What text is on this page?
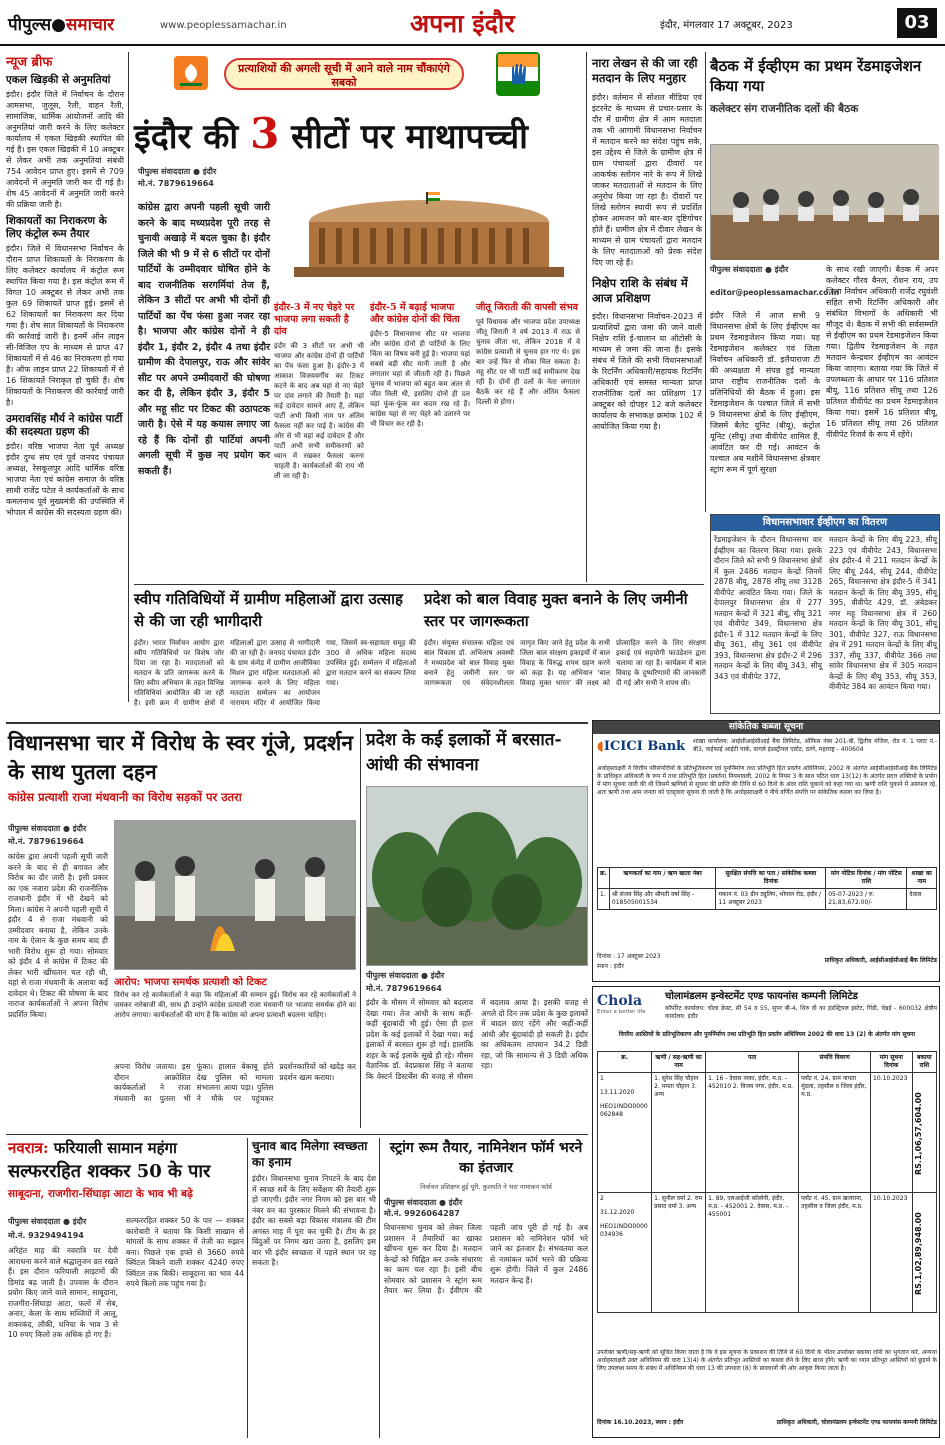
पीपुल्स●समाचार	www.peoplessamachar.in	अपना इंदौर	इंदौर, मंगलवार 17 अक्टूबर, 2023	03
न्यूज ब्रीफ
एकल खिड़की से अनुमतियां
इंदौर। इंदौर जिले में निर्वाचन के दौरान आमसभा, जुलूस, रैली, वाहन रैली, सामाजिक, धार्मिक आयोजनों आदि की अनुमतियां जारी करने के लिए कलेक्टर कार्यालय में एकल खिड़की स्थापित की गई है। इस एकल खिड़की में 10 अक्टूबर से लेकर अभी तक अनुमतियां संबंधी 754 आवेदन प्राप्त हुए। इसमें से 709 आवेदनों में अनुमति जारी कर दी गई है। शेष 45 आवेदनों में अनुमति जारी करने की प्रक्रिया जारी है।
शिकायतों का निराकरण के लिए कंट्रोल रूम तैयार
इंदौर। जिले में विधानसभा निर्वाचन के दौरान प्राप्त शिकायतों के निराकरण के लिए कलेक्टर कार्यालय में कंट्रोल रूम स्थापित किया गया है। इस कंट्रोल रूम में विगत 10 अक्टूबर से लेकर अभी तक कुल 69 शिकायतें प्राप्त हुई। इसमें से 62 शिकायतों का निराकरण कर दिया गया है। शेष सात शिकायतों के निराकरण की कार्रवाई जारी है। इनमें ऑन लाइन सी-विजिल एप के माध्यम से प्राप्त 47 शिकायतों में से 46 का निराकरण हो गया है। ऑफ लाइन प्राप्त 22 शिकायतों में से 16 शिकायतें निराकृत हो चुकी हैं। शेष शिकायतों के निराकरण की कार्रवाई जारी है।
उमरावसिंह मौर्य ने कांग्रेस पार्टी की सदस्यता ग्रहण की
इंदौर। वरिष्ठ भाजपा नेता पूर्व अध्यक्ष इंदौर दुग्ध संघ एवं पूर्व जनपद पंचायत अध्यक्ष, रेसकूलपुर आदि धार्मिक वरिष्ठ भाजपा नेता एवं कांग्रेस समाज के वरिष्ठ साथी राजेंद्र पटेल ने कार्यकर्ताओं के साथ कमलनाथ पूर्व मुख्यमंत्री की उपस्थिति में भोपाल में कांग्रेस की सदस्यता ग्रहण की।
प्रत्याशियों की अगली सूची में आने वाले नाम चौंकाएंगे सबको
इंदौर की 3 सीटों पर माथापच्ची
पीपुल्स संवाददाता ● इंदौर
मो.नं. 7879619664
कांग्रेस द्वारा अपनी पहली सूची जारी करने के बाद मध्यप्रदेश पूरी तरह से चुनावी अखाड़े में बदल चुका है। इंदौर जिले की भी 9 में से 6 सीटों पर दोनों पार्टियों के उम्मीदवार घोषित होने के बाद राजनीतिक सरगर्मियां तेज हैं, लेकिन 3 सीटों पर अभी भी दोनों ही पार्टियों का पेंच फंसा हुआ नजर रहा है। भाजपा और कांग्रेस दोनों ने ही इंदौर 1, इंदौर 2, इंदौर 4 तथा इंदौर ग्रामीण की देपालपुर, राऊ और सांवेर सीट पर अपने उम्मीदवारों की घोषणा कर दी है, लेकिन इंदौर 3, इंदौर 5 और महू सीट पर टिकट की उठापटक जारी है। ऐसे में यह कयास लगाए जा रहे हैं कि दोनों ही पार्टियां अपनी अगली सूची में कुछ नए प्रयोग कर सकती हैं।
इंदौर-3 में नए चेहरे पर भाजपा लगा सकती है दांव
इंदौर की 3 सीटों पर अभी भी भाजपा और कांग्रेस दोनों ही पार्टियों का पेंच फंसा हुआ है। इंदौर-3 में आकाश विजयवर्गीय का टिकट कटने के बाद अब यहां से नए चेहरे पर दांव लगाने की तैयारी है। यहां कई दावेदार सामने आए हैं, लेकिन पार्टी अभी किसी नाम पर अंतिम फैसला नहीं कर पाई है। कांग्रेस की ओर से भी यहां कई दावेदार हैं और पार्टी अभी सभी समीकरणों को ध्यान में रखकर फैसला करना चाहती है। कार्यकर्ताओं की राय भी ली जा रही है।
इंदौर-5 में बढ़ाई भाजपा और कांग्रेस दोनों की चिंता
इंदौर-5 विधानसभा सीट पर भाजपा और कांग्रेस दोनों ही पार्टियों के लिए चिंता का विषय बनी हुई है। भाजपा यहां सबसे बड़ी सीट मानी जाती है और लगातार यहां से जीतती रही है। पिछले चुनाव में भाजपा को बहुत कम अंतर से जीत मिली थी, इसलिए दोनों ही दल यहां फूंक-फूंक कर कदम रख रहे हैं। कांग्रेस यहां से नए चेहरे को उतारने पर भी विचार कर रही है।
जीतू जिराती की वापसी संभव
पूर्व विधायक और भाजपा प्रदेश उपाध्यक्ष जीतू जिराती ने वर्ष 2013 में राऊ से चुनाव जीता था, लेकिन 2018 में वे कांग्रेस प्रत्याशी से चुनाव हार गए थे। इस बार उन्हें फिर से मौका मिल सकता है। महू सीट पर भी पार्टी कई समीकरण देख रही है। दोनों ही दलों के नेता लगातार बैठकें कर रहे हैं और अंतिम फैसला दिल्ली से होगा।
नारा लेखन से की जा रही मतदान के लिए मनुहार
इंदौर। वर्तमान में सोशल मीडिया एवं इंटरनेट के माध्यम से प्रचार-प्रसार के दौर में ग्रामीण क्षेत्र में आम मतदाता तक भी आगामी विधानसभा निर्वाचन में मतदान करने का संदेश पहुंच सके, इस उद्देश्य से जिले के ग्रामीण क्षेत्र में ग्राम पंचायतों द्वारा दीवारों पर आकर्षक स्लोगन नारे के रूप में लिखे जाकर मतदाताओं से मतदान के लिए अनुरोध किया जा रहा है। दीवारों पर लिखे स्लोगन स्थायी रूप से प्रदर्शित होकर आमजन को बार-बार दृष्टिगोचर होते हैं। ग्रामीण क्षेत्र में दीवार लेखन के माध्यम से ग्राम पंचायतों द्वारा मतदान के लिए मतदाताओं को प्रेरक संदेश दिए जा रहे हैं।
निक्षेप राशि के संबंध में आज प्रशिक्षण
इंदौर। विधानसभा निर्वाचन-2023 में प्रत्याशियों द्वारा जमा की जाने वाली निक्षेप राशि ई-चालान या ऑटोसी के माध्यम से जमा की जाना है। इसके संबंध में जिले की सभी विधानसभाओं के रिटर्निंग अधिकारी/सहायक रिटर्निंग अधिकारी एवं समस्त मान्यता प्राप्त राजनीतिक दलों का प्रशिक्षण 17 अक्टूबर को दोपहर 12 बजे कलेक्टर कार्यालय के सभाकक्ष क्रमांक 102 में आयोजित किया गया है।
बैठक में ईव्हीएम का प्रथम रेंडमाइजेशन किया गया
कलेक्टर संग राजनीतिक दलों की बैठक
पीपुल्स संवाददाता ● इंदौर
editor@peoplessamachar.co.in
इंदौर जिले में आज सभी 9 विधानसभा क्षेत्रों के लिए ईव्हीएम का प्रथम रेंडमाइजेशन किया गया। यह रेंडमाइजेशन कलेक्टर एवं जिला निर्वाचन अधिकारी डॉ. इलैयाराजा टी की अध्यक्षता में संपन्न हुई मान्यता प्राप्त राष्ट्रीय राजनीतिक दलों के प्रतिनिधियों की बैठक में हुआ। इस रेंडमाइजेशन के पश्चात जिले में सभी 9 विधानसभा क्षेत्रों के लिए ईव्हीएम, जिसमें बैलेट यूनिट (बीयू), कंट्रोल यूनिट (सीयू) तथा वीवीपेट शामिल हैं, आवंटित कर दी गई। आवंटन के पश्चात अब मशीनें विधानसभा क्षेत्रवार स्ट्रांग रूम में पूर्ण सुरक्षा
के साथ रखी जाएगी। बैठक में अपर कलेक्टर गौरव बैनल, रोशन राय, उप जिला निर्वाचन अधिकारी राजेंद्र रघुवंशी सहित सभी रिटर्निंग अधिकारी और संबंधित विभागों के अधिकारी भी मौजूद थे। बैठक में सभी की सर्वसम्मति से ईव्हीएम का प्रथम रेंडमाइजेशन किया गया। द्वितीय रेंडमाइजेशन के तहत मतदान केन्द्रवार ईव्हीएम का आवंटन किया जाएगा। बताया गया कि जिले में उपलब्धता के आधार पर 116 प्रतिशत बीयू, 116 प्रतिशत सीयू तथा 126 प्रतिशत वीवीपेट का प्रथम रेंडमाइजेशन किया गया। इसमें 16 प्रतिशत बीयू, 16 प्रतिशत सीयू तथा 26 प्रतिशत वीवीपेट रिजर्व के रूप में रहेंगे।
विधानसभावार ईव्हीएम का वितरण
रेंडमाइजेशन के दौरान विधानसभा वार ईव्हीएम का वितरण किया गया। इसके दौरान जिले को सभी 9 विधानसभा क्षेत्रों में कुल 2486 मतदान केन्द्रों जिनमें 2878 बीयू, 2878 सीयू तथा 3128 वीवीपेट आवंटित किया गया। जिले के देपालपुर विधानसभा क्षेत्र में 277 मतदान केन्द्रों में 321 बीयू, सीयू 321 एवं वीवीपेट 349, विधानसभा क्षेत्र इंदौर-1 में 312 मतदान केन्द्रों के लिए बीयू 361, सीयू 361 एवं वीवीपेट 393, विधानसभा क्षेत्र इंदौर-2 में 296 मतदान केन्द्रों के लिए बीयू 343, सीयू 343 एवं वीवीपेट 372,
मतदान केन्द्रों के लिए बीयू 223, सीयू 223 एवं वीवीपेट 243, विधानसभा क्षेत्र इंदौर-4 में 211 मतदान केन्द्रों के लिए बीयू 244, सीयू 244, वीवीपेट 265, विधानसभा क्षेत्र इंदौर-5 में 341 मतदान केन्द्रों के लिए बीयू 395, सीयू 395, वीवीपेट 429, डॉ. अंबेडकर नगर महू विधानसभा क्षेत्र में 260 मतदान केन्द्रों के लिए बीयू 301, सीयू 301, वीवीपेट 327, राऊ विधानसभा क्षेत्र में 291 मतदान केन्द्रों के लिए बीयू 337, सीयू 337, वीवीपेट 366 तथा सांवेर विधानसभा क्षेत्र में 305 मतदान केन्द्रों के लिए बीयू 353, सीयू 353, वीवीपेट 384 का आवंटन किया गया।
स्वीप गतिविधियों में ग्रामीण महिलाओं द्वारा उत्साह से की जा रही भागीदारी
इंदौर। भारत निर्वाचन आयोग द्वारा स्वीप गतिविधियों पर विशेष जोर दिया जा रहा है। मतदाताओं को मतदान के प्रति जागरूक करने के लिए स्वीप अभियान के तहत विभिन्न गतिविधियां आयोजित की जा रही हैं। इसी क्रम में ग्रामीण क्षेत्रों में महिलाओं द्वारा उत्साह से भागीदारी की जा रही है। जनपद पंचायत इंदौर के ग्राम कंमेड़ में ग्रामीण आजीविका मिशन द्वारा महिला मतदाताओं को जागरूक करने के लिए महिला मतदाता सम्मेलन का आयोजन नारायण मंदिर में आयोजित किया गया, जिसमें स्व-सहायता समूह की 300 से अधिक महिला सदस्य उपस्थित हुईं। सम्मेलन में महिलाओं द्वारा मतदान करने का संकल्प लिया गया।
प्रदेश को बाल विवाह मुक्त बनाने के लिए जमीनी स्तर पर जागरूकता
इंदौर। संयुक्त संचालक महिला एवं बाल विकास डॉ. अभिलाष अवस्थी ने मध्यप्रदेश को बाल विवाह मुक्त बनाने हेतु जमीनी स्तर पर जागरूकता एवं संवेदनशीलता जागृत किए जाने हेतु प्रदेश के सभी जिला बाल संरक्षण इकाइयों में बाल विवाह के विरुद्ध शपथ ग्रहण करने को कहा है। यह अभियान ‘बाल विवाह मुक्त भारत’ की लक्ष्य को प्रोत्साहित करने के लिए संरक्षण इकाई एवं सहयोगी फाउंडेशन द्वारा चलाया जा रहा है। कार्यक्रम में बाल विवाह के दुष्परिणामों की जानकारी दी गई और सभी ने शपथ ली।
विधानसभा चार में विरोध के स्वर गूंजे, प्रदर्शन के साथ पुतला दहन
कांग्रेस प्रत्याशी राजा मंधवानी का विरोध सड़कों पर उतरा
पीपुल्स संवाददाता ● इंदौर
मो.नं. 7879619664
कांग्रेस द्वारा अपनी पहली सूची जारी करने के बाद से ही बगावत और विरोध का दौर जारी है। इसी प्रकार का एक नजारा प्रदेश की राजनीतिक राजधानी इंदौर में भी देखने को मिला। कांग्रेस ने अपनी पहली सूची में इंदौर 4 से राजा मंधवानी को उम्मीदवार बनाया है, लेकिन उनके नाम के ऐलान के कुछ समय बाद ही भारी विरोध शुरू हो गया। सोमवार को इंदौर 4 से कांग्रेस में टिकट की लेकर भारी खींचतान चल रही थी, यहां से राजा मंधवानी के अलावा कई दावेदार थे। टिकट की घोषणा के बाद नाराज कार्यकर्ताओं ने अपना विरोध प्रदर्शित किया।
आरोप: भाजपा समर्थक प्रत्याशी को टिकट
विरोध कर रहे कार्यकर्ताओं ने कहा कि महिलाओं की सम्मान हुई। विरोध कर रहे कार्यकर्ताओं ने जमकर नारेबाजी की, साथ ही उन्होंने कांग्रेस प्रत्याशी राजा मंधवानी पर भाजपा समर्थक होने का आरोप लगाया। कार्यकर्ताओं की मांग है कि कांग्रेस को अपना प्रत्याशी बदलना चाहिए।
अपना विरोध जताया। इस दौरान आक्रोशित कार्यकर्ताओं ने राजा मंधवानी का पुतला भी फूंका। हालात बेकाबू होते देख पुलिस को मामला संभालना आया पड़ा। पुलिस ने मौके पर पहुंचकर प्रदर्शनकारियों को खदेड़ कर प्रदर्शन खत्म कराया।
प्रदेश के कई इलाकों में बरसात-आंधी की संभावना
पीपुल्स संवाददाता ● इंदौर
मो.नं. 7879619664
इंदौर के मौसम में सोमवार को बदलाव देखा गया। तेज आंधी के साथ कहीं-कहीं बूंदाबांदी भी हुई। ऐसा ही हाल प्रदेश के कई इलाकों में देखा गया। कई इलाकों में बरसात शुरू हो गई। हालांकि शहर के कई इलाके सूखे ही रहे। मौसम वैज्ञानिक डॉ. वेदप्रकाश सिंह ने बताया कि वेस्टर्न डिस्टर्बेंस की वजह से मौसम में बदलाव आया है। इसकी वजह से अगले दो दिन तक प्रदेश के कुछ इलाकों में बादल छाए रहेंगे और कहीं-कहीं आंधी और बूंदाबांदी हो सकती है। इंदौर का अधिकतम तापमान 34.2 डिग्री रहा, जो कि सामान्य से 3 डिग्री अधिक रहा।
सांकेतिक कब्जा सूचना
◖ICICI Bank शाखा कार्यालय: आईसीआईसीआई बैंक लिमिटेड, ऑफिस नंबर 201-बी, द्वितीय मंजिल, रोड नं. 1 प्लाट नं.-बी3, वाईफाई आईटी पार्क, वागले इंडस्ट्रीयल एस्टेट, ठाणे, महाराष्ट्र - 400604
अधोहस्ताक्षरी ने वित्तीय परिसंपत्तियों के प्रतिभूतिकरण एवं पुनर्निर्माण तथा प्रतिभूति हित प्रवर्तन अधिनियम, 2002 के अंतर्गत आईसीआईसीआई बैंक लिमिटेड के प्राधिकृत अधिकारी के रूप में तथा प्रतिभूति हित (प्रवर्तन) नियमावली, 2002 के नियम 3 के साथ पठित धारा 13(12) के अंतर्गत प्रदत्त शक्तियों के प्रयोग में मांग सूचना जारी की थी जिसमें ऋणियों से सूचना की प्राप्ति की तिथि से 60 दिनों के अंदर राशि चुकाने को कहा गया था। ऋणी राशि चुकाने में असफल रहे, अतः ऋणी तथा आम जनता को एतद्द्वारा सूचना दी जाती है कि अधोहस्ताक्षरी ने नीचे वर्णित संपत्ति पर सांकेतिक कब्जा कर लिया है।
क्र.	ऋणकर्ता का नाम / ऋण खाता नंबर	सुरक्षित संपत्ति का पता / सांकेतिक कब्जा दिनांक	मांग नोटिस दिनांक / मांग नोटिस राशि	शाखा का नाम
1.	श्री संजय सिंह और श्रीमती वर्षा सिंह - 018505001534	मकान नं. 03 ग्रीन ट्यूलिप, भोपाल रोड, इंदौर / 11 अक्टूबर 2023	05-07-2023 / रु. 21,83,672.00/-	देवास
दिनांक : 17 अक्टूबर 2023
स्थान : इंदौर
प्राधिकृत अधिकारी, आईसीआईसीआई बैंक लिमिटेड
Chola
Enter a better life
चोलामंडलम इन्वेस्टमेंट एण्ड फायनांस कम्पनी लिमिटेड
कॉर्पोरेट कार्यालय: चोला क्रेस्ट, सी 54 व 55, सुपर बी-4, थिरु वी का इंडस्ट्रियल इस्टेट, गिंडी, चेन्नई - 600032 क्षेत्रीय कार्यालय: इंदौर
वित्तीय आस्तियों के प्रतिभूतिकरण और पुनर्निर्माण तथा प्रतिभूति हित प्रवर्तन अधिनियम 2002 की धारा 13 (2) के अंतर्गत मांग सूचना
क्र.	ऋणी / सह-ऋणी का नाम	पता	संपत्ति विवरण	मांग सूचना दिनांक	बकाया राशि

1
13.11.2020
HEO1INDO0000062848	1. सुरेश सिंह चौहान 2. ममता चौहान 3. अन्य	1. 16 - देवास नाका, इंदौर, म.प्र. - 452010 2. विजय नगर, इंदौर, म.प्र.	प्लॉट नं. 24, ग्राम नायता मुंडला, तहसील व जिला इंदौर, म.प्र.	10.10.2023	RS.1,06,57,604.00

2
31.12.2020
HEO1INDO0000034936	1. सुनील वर्मा 2. राम प्रसाद वर्मा 3. अन्य	1. 89, एलआईजी कॉलोनी, इंदौर, म.प्र. - 452001 2. देवास, म.प्र. - 455001	प्लॉट नं. 45, ग्राम खजराना, तहसील व जिला इंदौर, म.प्र.	10.10.2023	RS.1,02,89,948.00
उपरोक्त ऋणी/सह-ऋणी को सूचित किया जाता है कि वे इस सूचना के प्रकाशन की तिथि से 60 दिनों के भीतर उपरोक्त बकाया राशि का भुगतान करें, अन्यथा अधोहस्ताक्षरी उक्त अधिनियम की धारा 13(4) के अंतर्गत प्रतिभूत आस्तियों का कब्जा लेने के लिए बाध्य होंगे। ऋणी का ध्यान प्रतिभूत आस्तियों को छुड़ाने के लिए उपलब्ध समय के संबंध में अधिनियम की धारा 13 की उपधारा (8) के प्रावधानों की ओर आकृष्ट किया जाता है।
दिनांक 16.10.2023, स्थान : इंदौर	प्राधिकृत अधिकारी, चोलामंडलम इन्वेस्टमेंट एण्ड फायनांस कम्पनी लिमिटेड
नवरात्र: फरियाली सामान महंगा
सल्फररहित शक्कर 50 के पार
साबूदाना, राजगीरा-सिंघाड़ा आटा के भाव भी बढ़े
पीपुल्स संवाददाता ● इंदौर
मो.नं. 9329494194
अरिहंत माह की नवरात्रि पर देवी आराधना करने वाले श्रद्धालुजन व्रत रखते हैं। इस दौरान फरियाली आइटमों की डिमांड बढ़ जाती है। उपवास के दौरान प्रयोग किए जाने वाले सामान, साबूदाना, राजगीरा-सिंघाड़ा आटा, फलों में सेब, अनार, केला के साथ सब्जियों में आलू, शकरकंद, लौकी, धनिया के भाव 3 से 10 रुपए किलो तक अधिक हो गए हैं।
सल्फररहित शक्कर 50 के पार — शक्कर कारोबारी ने बताया कि किसी साखान से मांगलों के साथ शक्कर में तेजी का रुझान बना। पिछले एक हफ्ते से 3660 रुपये क्विंटल बिकने वाली शक्कर 4240 रुपए क्विंटल तक बिकी। साबूदाना का भाव 44 रुपये किलो तक पहुंच गया है।
चुनाव बाद मिलेगा स्वच्छता का इनाम
इंदौर। विधानसभा चुनाव निपटने के बाद देश में स्वच्छ सर्वे के लिए सर्वेक्षण की तैयारी शुरू हो जाएगी। इंदौर नगर निगम को इस बार भी नंबर वन का पुरस्कार मिलने की संभावना है। इंदौर का सबसे बड़ा विकास मंत्रालय की टीम अगस्त माह में पूरा कर चुकी है। टीम के हर बिंदुओं पर निगम खरा उतरा है, इसलिए इस बार भी इंदौर स्वच्छता में पहले स्थान पर रह सकता है।
स्ट्रांग रूम तैयार, नामिनेशन फॉर्म भरने का इंतजार
निर्वाचन प्रशिक्षण हुई पूरी, कुलपति ने भरा नामांकन फॉर्म
पीपुल्स संवाददाता ● इंदौर
मो.नं. 9926064287
विधानसभा चुनाव को लेकर जिला प्रशासन ने तैयारियों का खाका खींचना शुरू कर दिया है। मतदान केन्द्रों को चिह्नित कर उनके संधारण का काम चल रहा है। इसी बीच सोमवार को प्रशासन ने स्ट्रांग रूम तैयार कर लिया है। ईवीएम की पहली जांच पूरी हो गई है। अब प्रशासन को नामिनेशन फॉर्म भरे जाने का इंतजार है। संभवतया कल से नामांकन फॉर्म भरने की प्रक्रिया शुरू होगी। जिले में कुल 2486 मतदान केन्द्र हैं।
